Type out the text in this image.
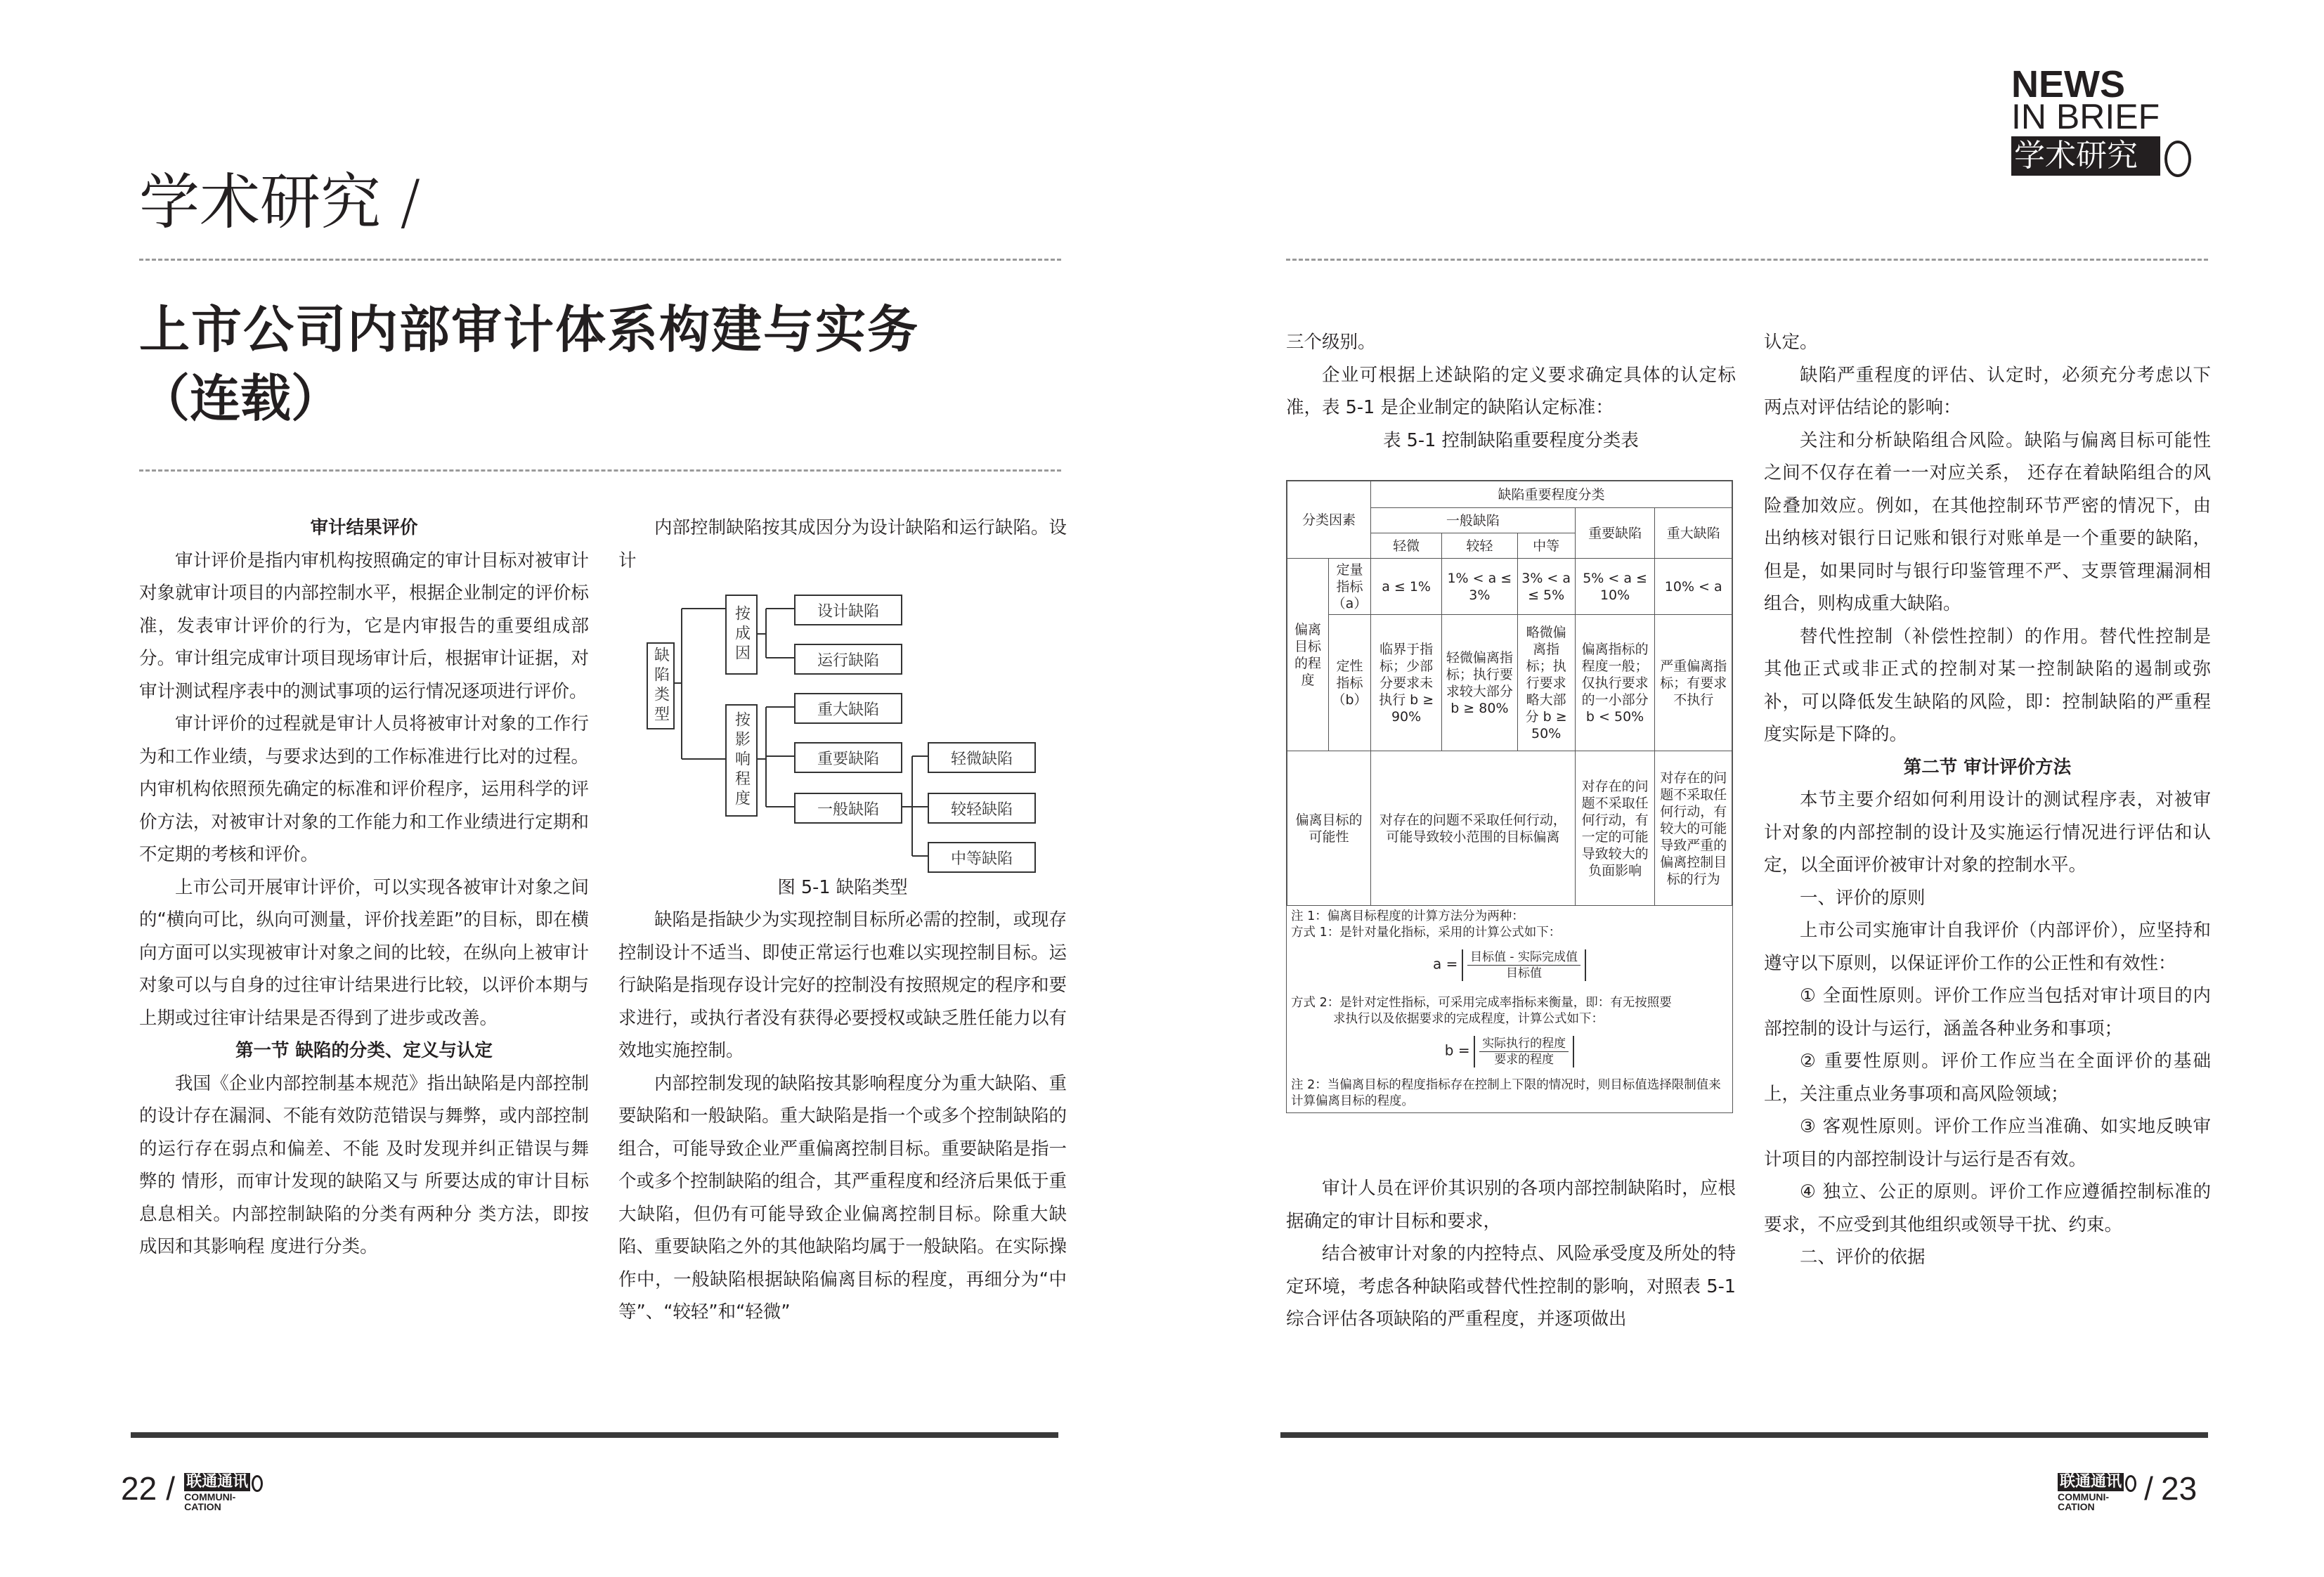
学术研究 /
NEWS
IN BRIEF
学术研究
上市公司内部审计体系构建与实务
（连载）

审计结果评价

审计评价是指内审机构按照确定的审计目标对被审计对象就审计项目的内部控制水平，根据企业制定的评价标准，发表审计评价的行为，它是内审报告的重要组成部分。审计组完成审计项目现场审计后，根据审计证据，对审计测试程序表中的测试事项的运行情况逐项进行评价。

审计评价的过程就是审计人员将被审计对象的工作行为和工作业绩，与要求达到的工作标准进行比对的过程。内审机构依照预先确定的标准和评价程序，运用科学的评价方法，对被审计对象的工作能力和工作业绩进行定期和不定期的考核和评价。

上市公司开展审计评价，可以实现各被审计对象之间的“横向可比，纵向可测量，评价找差距”的目标，即在横向方面可以实现被审计对象之间的比较，在纵向上被审计对象可以与自身的过往审计结果进行比较，以评价本期与上期或过往审计结果是否得到了进步或改善。

第一节 缺陷的分类、定义与认定

我国《企业内部控制基本规范》指出缺陷是内部控制的设计存在漏洞、不能有效防范错误与舞弊，或内部控制的运行存在弱点和偏差、不能 及时发现并纠正错误与舞弊的 情形，而审计发现的缺陷又与 所要达成的审计目标息息相关。内部控制缺陷的分类有两种分 类方法，即按成因和其影响程 度进行分类。

内部控制缺陷按其成因分为设计缺陷和运行缺陷。设计

缺陷类型
按成因
按影响程度
设计缺陷
运行缺陷
重大缺陷
重要缺陷
一般缺陷
轻微缺陷
较轻缺陷
中等缺陷
图 5-1 缺陷类型

缺陷是指缺少为实现控制目标所必需的控制，或现存控制设计不适当、即使正常运行也难以实现控制目标。运行缺陷是指现存设计完好的控制没有按照规定的程序和要求进行，或执行者没有获得必要授权或缺乏胜任能力以有效地实施控制。

内部控制发现的缺陷按其影响程度分为重大缺陷、重要缺陷和一般缺陷。重大缺陷是指一个或多个控制缺陷的组合，可能导致企业严重偏离控制目标。重要缺陷是指一个或多个控制缺陷的组合，其严重程度和经济后果低于重大缺陷，但仍有可能导致企业偏离控制目标。除重大缺陷、重要缺陷之外的其他缺陷均属于一般缺陷。在实际操作中，一般缺陷根据缺陷偏离目标的程度，再细分为“中等”、“较轻”和“轻微”

三个级别。

企业可根据上述缺陷的定义要求确定具体的认定标准，表 5-1 是企业制定的缺陷认定标准：

表 5-1 控制缺陷重要程度分类表

分类因素		缺陷重要程度分类				
		一般缺陷			重要缺陷	重大缺陷
		轻微	较轻	中等		
偏离目标的程度	定量指标（a）	a ≤ 1%	1% < a ≤ 3%	3% < a ≤ 5%	5% < a ≤ 10%	10% < a
	定性指标（b）	临界于指标；少部分要求未执行 b ≥ 90%	轻微偏离指标；执行要求较大部分 b ≥ 80%	略微偏离指标；执行要求略大部分 b ≥ 50%	偏离指标的程度一般；仅执行要求的一小部分 b < 50%	严重偏离指标；有要求不执行
偏离目标的可能性		对存在的问题不采取任何行动，可能导致较小范围的目标偏离			对存在的问题不采取任何行动，有一定的可能导致较大的负面影响	对存在的问题不采取任何行动，有较大的可能导致严重的偏离控制目标的行为
注 1：偏离目标程度的计算方法分为两种：
方式 1：是针对量化指标，采用的计算公式如下：
$a = \frac{\text{目标值 - 实际完成值}}{\text{目标值}}$
方式 2：是针对定性指标，可采用完成率指标来衡量，即：有无按照要
求执行以及依据要求的完成程度，计算公式如下：
$b = \frac{\text{实际执行的程度}}{\text{要求的程度}}$
注 2：当偏离目标的程度指标存在控制上下限的情况时，则目标值选择限制值来计算偏离目标的程度。

审计人员在评价其识别的各项内部控制缺陷时，应根据确定的审计目标和要求，

结合被审计对象的内控特点、风险承受度及所处的特定环境，考虑各种缺陷或替代性控制的影响，对照表 5-1 综合评估各项缺陷的严重程度，并逐项做出

认定。

缺陷严重程度的评估、认定时，必须充分考虑以下两点对评估结论的影响：

关注和分析缺陷组合风险。缺陷与偏离目标可能性之间不仅存在着一一对应关系， 还存在着缺陷组合的风险叠加效应。例如，在其他控制环节严密的情况下，由出纳核对银行日记账和银行对账单是一个重要的缺陷，但是，如果同时与银行印鉴管理不严、支票管理漏洞相组合，则构成重大缺陷。

替代性控制（补偿性控制）的作用。替代性控制是其他正式或非正式的控制对某一控制缺陷的遏制或弥补，可以降低发生缺陷的风险，即：控制缺陷的严重程度实际是下降的。

第二节 审计评价方法

本节主要介绍如何利用设计的测试程序表，对被审计对象的内部控制的设计及实施运行情况进行评估和认定，以全面评价被审计对象的控制水平。

一、评价的原则

上市公司实施审计自我评价（内部评价），应坚持和遵守以下原则，以保证评价工作的公正性和有效性：

① 全面性原则。评价工作应当包括对审计项目的内部控制的设计与运行，涵盖各种业务和事项；

② 重要性原则。评价工作应当在全面评价的基础上，关注重点业务事项和高风险领域；

③ 客观性原则。评价工作应当准确、如实地反映审计项目的内部控制设计与运行是否有效。

④ 独立、公正的原则。评价工作应遵循控制标准的要求，不应受到其他组织或领导干扰、约束。

二、评价的依据

22 / 联通通讯
COMMUNI-
CATION
联通通讯
COMMUNI-
CATION	/ 23
